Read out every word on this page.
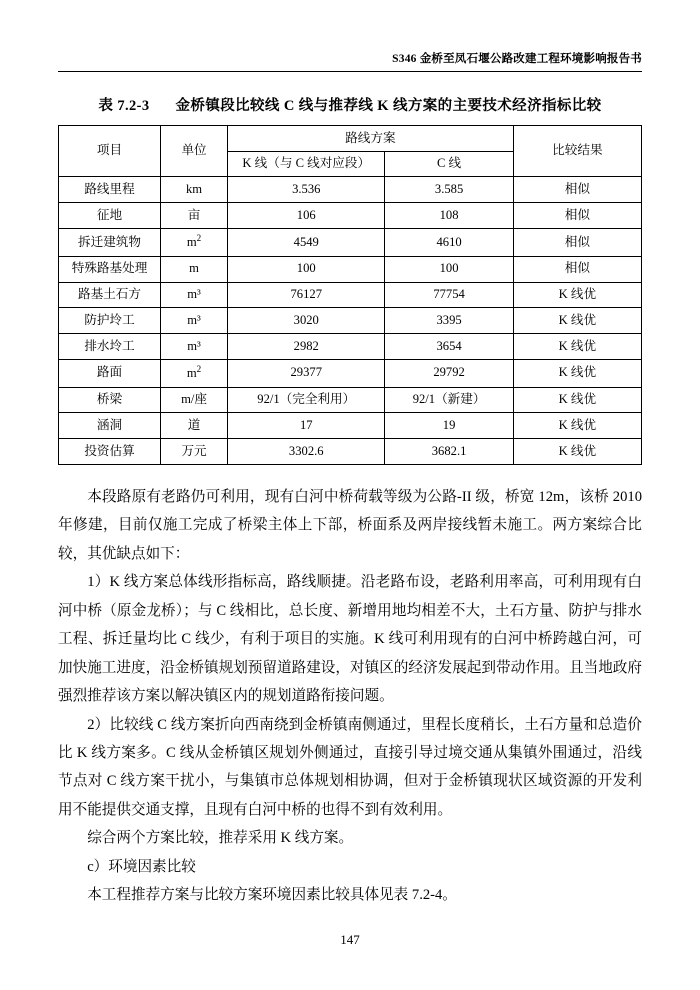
S346 金桥至凤石堰公路改建工程环境影响报告书
表 7.2-3 金桥镇段比较线 C 线与推荐线 K 线方案的主要技术经济指标比较
项目	单位	路线方案		比较结果
		K 线（与 C 线对应段）	C 线	
路线里程	km	3.536	3.585	相似
征地	亩	106	108	相似
拆迁建筑物	$m^2$	4549	4610	相似
特殊路基处理	m	100	100	相似
路基土石方	m³	76127	77754	K 线优
防护坽工	m³	3020	3395	K 线优
排水坽工	m³	2982	3654	K 线优
路面	$m^2$	29377	29792	K 线优
桥梁	m/座	92/1（完全利用）	92/1（新建）	K 线优
涵洞	道	17	19	K 线优
投资估算	万元	3302.6	3682.1	K 线优

本段路原有老路仍可利用，现有白河中桥荷载等级为公路-II 级，桥宽 12m，该桥 2010 年修建，目前仅施工完成了桥梁主体上下部，桥面系及两岸接线暂未施工。两方案综合比较，其优缺点如下：

1）K 线方案总体线形指标高，路线顺捷。沿老路布设，老路利用率高，可利用现有白河中桥（原金龙桥）；与 C 线相比，总长度、新增用地均相差不大，土石方量、防护与排水工程、拆迁量均比 C 线少，有利于项目的实施。K 线可利用现有的白河中桥跨越白河，可加快施工进度，沿金桥镇规划预留道路建设，对镇区的经济发展起到带动作用。且当地政府强烈推荐该方案以解决镇区内的规划道路衔接问题。

2）比较线 C 线方案折向西南绕到金桥镇南侧通过，里程长度稍长，土石方量和总造价比 K 线方案多。C 线从金桥镇区规划外侧通过，直接引导过境交通从集镇外围通过，沿线节点对 C 线方案干扰小，与集镇市总体规划相协调，但对于金桥镇现状区域资源的开发利用不能提供交通支撑，且现有白河中桥的也得不到有效利用。

综合两个方案比较，推荐采用 K 线方案。

c）环境因素比较

本工程推荐方案与比较方案环境因素比较具体见表 7.2-4。

147
